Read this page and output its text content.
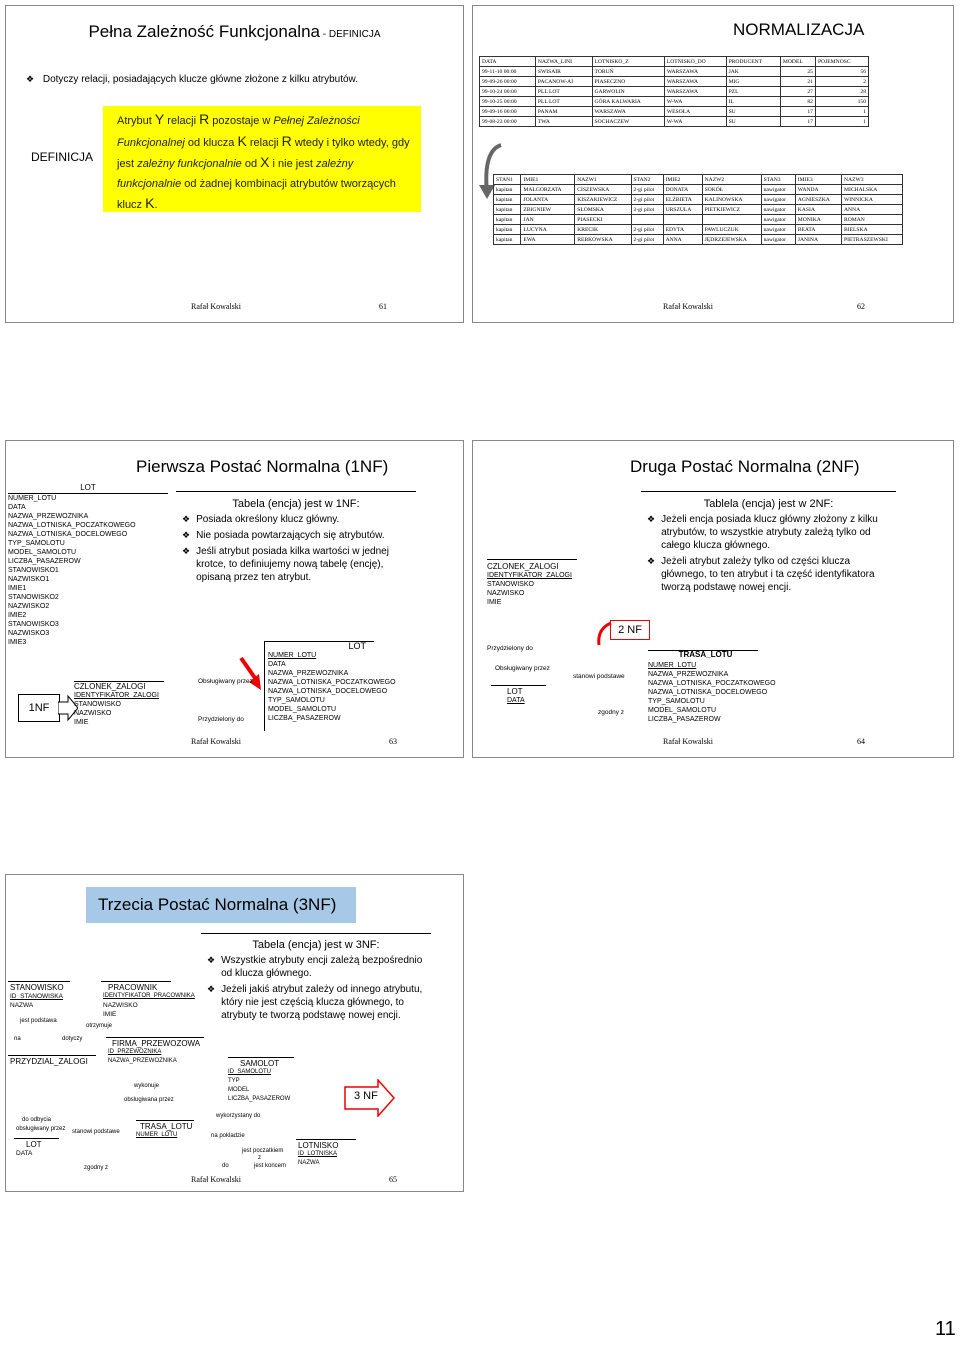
Pełna Zależność Funkcjonalna - DEFINICJA
❖ Dotyczy relacji, posiadających klucze główne złożone z kilku atrybutów.
DEFINICJA
Atrybut Y relacji R pozostaje w Pełnej Zależności Funkcjonalnej od klucza K relacji R wtedy i tylko wtedy, gdy jest zależny funkcjonalnie od X i nie jest zależny funkcjonalnie od żadnej kombinacji atrybutów tworzących klucz K.
Rafał Kowalski	61
NORMALIZACJA
DATA	NAZWA_LINI	LOTNISKO_Z	LOTNISKO_DO	PRODUCENT	MODEL	POJEMNOSC
99-11-10 00:00	SWISAIR	TORUŃ	WARSZAWA	JAK	25	56
99-09-26 00:00	PACANOW-AI	PIASECZNO	WARSZAWA	MIG	21	2
99-10-24 00:00	PLL LOT	GARWOLIN	WARSZAWA	PZL	27	28
99-10-25 00:00	PLL LOT	GÓRA KALWARIA	W-WA	IL	82	150
99-09-16 00:00	PANAM	WARSZAWA	WESOŁA	SU	17	1
99-08-23 00:00	TWA	SOCHACZEW	W-WA	SU	17	1
STAN1	IMIE1	NAZW1	STAN2	IMIE2	NAZW2	STAN3	IMIE3	NAZW3
kapitan	MAŁGORZATA	CISZEWSKA	2-gi pilot	DONATA	SOKÓŁ	nawigator	WANDA	MICHALSKA
kapitan	JOLANTA	KISZAKIEWICZ	2-gi pilot	ELŻBIETA	KALINOWSKA	nawigator	AGNIESZKA	WINNICKA
kapitan	ZBIGNIEW	SŁOMSKA	2-gi pilot	URSZULA	PIETKIEWICZ	nawigator	KASIA	ANNA
kapitan	JAN	PIASECKI				nawigator	MONIKA	ROMAN
kapitan	LUCYNA	KRECIK	2-gi pilot	EDYTA	PAWLUCZUK	nawigator	BEATA	BIELSKA
kapitan	EWA	REBKOWSKA	2-gi pilot	ANNA	JĘDRZEJEWSKA	nawigator	JANINA	PIETRASZEWSKI
Rafał Kowalski	62
Pierwsza Postać Normalna (1NF)
LOT
NUMER_LOTU
DATA
NAZWA_PRZEWOZNIKA
NAZWA_LOTNISKA_POCZATKOWEGO
NAZWA_LOTNISKA_DOCELOWEGO
TYP_SAMOLOTU
MODEL_SAMOLOTU
LICZBA_PASAZEROW
STANOWISKO1
NAZWISKO1
IMIE1
STANOWISKO2
NAZWISKO2
IMIE2
STANOWISKO3
NAZWISKO3
IMIE3
1NF
CZLONEK_ZALOGI
IDENTYFIKATOR_ZALOGI
STANOWISKO
NAZWISKO
IMIE
Tabela (encja) jest w 1NF:
❖ Posiada określony klucz główny.
❖ Nie posiada powtarzających się atrybutów.
❖ Jeśli atrybut posiada kilka wartości w jednej krotce, to definiujemy nową tabelę (encję), opisaną przez ten atrybut.
Obsługiwany przez
Przydzielony do
LOT
NUMER_LOTU
DATA
NAZWA_PRZEWOZNIKA
NAZWA_LOTNISKA_POCZATKOWEGO
NAZWA_LOTNISKA_DOCELOWEGO
TYP_SAMOLOTU
MODEL_SAMOLOTU
LICZBA_PASAZEROW
Rafał Kowalski	63
Druga Postać Normalna (2NF)
Tablela (encja) jest w 2NF:
❖ Jeżeli encja posiada klucz główny złożony z kilku atrybutów, to wszystkie atrybuty zależą tylko od całego klucza głównego.
❖ Jeżeli atrybut zależy tylko od części klucza głównego, to ten atrybut i ta część identyfikatora tworzą podstawę nowej encji.
CZLONEK_ZALOGI
IDENTYFIKATOR_ZALOGI
STANOWISKO
NAZWISKO
IMIE
2 NF
Przydzielony do
Obsługiwany przez
stanowi podstawe
zgodny z
LOT
DATA
TRASA_LOTU
NUMER_LOTU
NAZWA_PRZEWOZNIKA
NAZWA_LOTNISKA_POCZATKOWEGO
NAZWA_LOTNISKA_DOCELOWEGO
TYP_SAMOLOTU
MODEL_SAMOLOTU
LICZBA_PASAZEROW
Rafał Kowalski	64
Trzecia Postać Normalna (3NF)
Tabela (encja) jest w 3NF:
❖ Wszystkie atrybuty encji zależą bezpośrednio od klucza głównego.
❖ Jeżeli jakiś atrybut zależy od innego atrybutu, który nie jest częścią klucza głównego, to atrybuty te tworzą podstawę nowej encji.
STANOWISKO
ID_STANOWISKA
NAZWA
PRACOWNIK
IDENTYFIKATOR_PRACOWNIKA
NAZWISKO
IMIE
jest podstawa
otrzymuje
na	dotyczy
PRZYDZIAL_ZALOGI
FIRMA_PRZEWOZOWA
ID_PRZEWOZNIKA
NAZWA_PRZEWOZNIKA
wykonuje
obslugiwana przez
SAMOLOT
ID_SAMOLOTU
TYP
MODEL
LICZBA_PASAZEROW	3 NF
do odbycia
obsługiwany przez stanowi podstawe
wykorzystany do
na pokladzie
LOT
DATA
TRASA_LOTU
NUMER_LOTU
zgodny z
jest poczatkiem
do
z
jest koncem
LOTNISKO
ID_LOTNISKA
NAZWA
Rafał Kowalski	65
11
